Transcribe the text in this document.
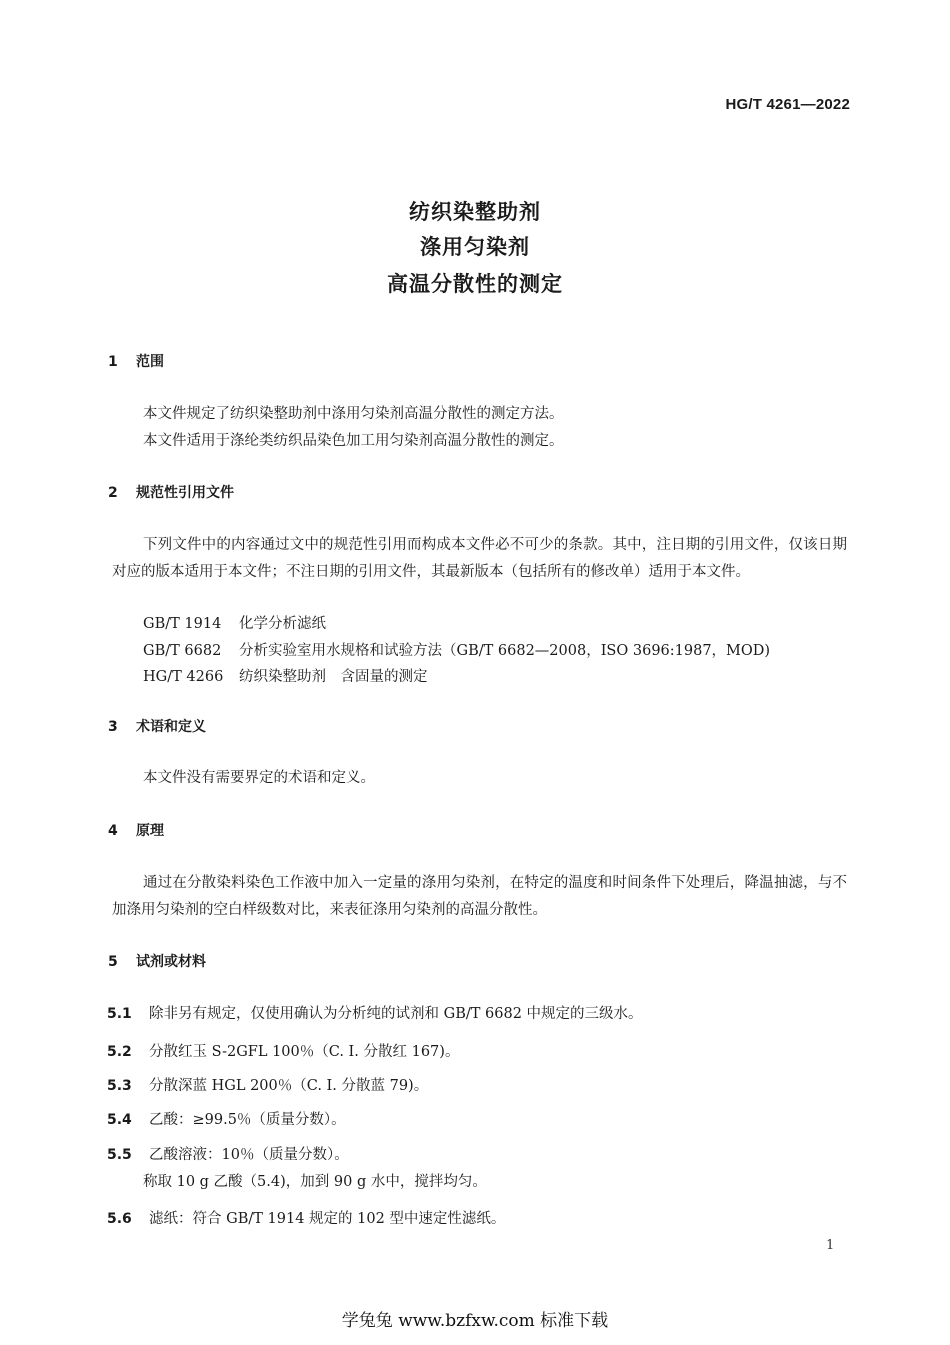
HG/T 4261—2022
纺织染整助剂
涤用匀染剂
高温分散性的测定
1 范围
本文件规定了纺织染整助剂中涤用匀染剂高温分散性的测定方法。
本文件适用于涤纶类纺织品染色加工用匀染剂高温分散性的测定。
2 规范性引用文件
下列文件中的内容通过文中的规范性引用而构成本文件必不可少的条款。其中，注日期的引用文件，仅该日期对应的版本适用于本文件；不注日期的引用文件，其最新版本（包括所有的修改单）适用于本文件。
GB/T 1914 化学分析滤纸
GB/T 6682 分析实验室用水规格和试验方法（GB/T 6682—2008，ISO 3696:1987，MOD)
HG/T 4266 纺织染整助剂　含固量的测定
3 术语和定义
本文件没有需要界定的术语和定义。
4 原理
通过在分散染料染色工作液中加入一定量的涤用匀染剂，在特定的温度和时间条件下处理后，降温抽滤，与不加涤用匀染剂的空白样级数对比，来表征涤用匀染剂的高温分散性。
5 试剂或材料
5.1 除非另有规定，仅使用确认为分析纯的试剂和 GB/T 6682 中规定的三级水。
5.2 分散红玉 S-2GFL 100％（C. I. 分散红 167)。
5.3 分散深蓝 HGL 200％（C. I. 分散蓝 79)。
5.4 乙酸：≥99.5％（质量分数）。
5.5 乙酸溶液：10％（质量分数）。
称取 10 g 乙酸（5.4)，加到 90 g 水中，搅拌均匀。
5.6 滤纸：符合 GB/T 1914 规定的 102 型中速定性滤纸。
1
学兔兔 www.bzfxw.com 标准下载
